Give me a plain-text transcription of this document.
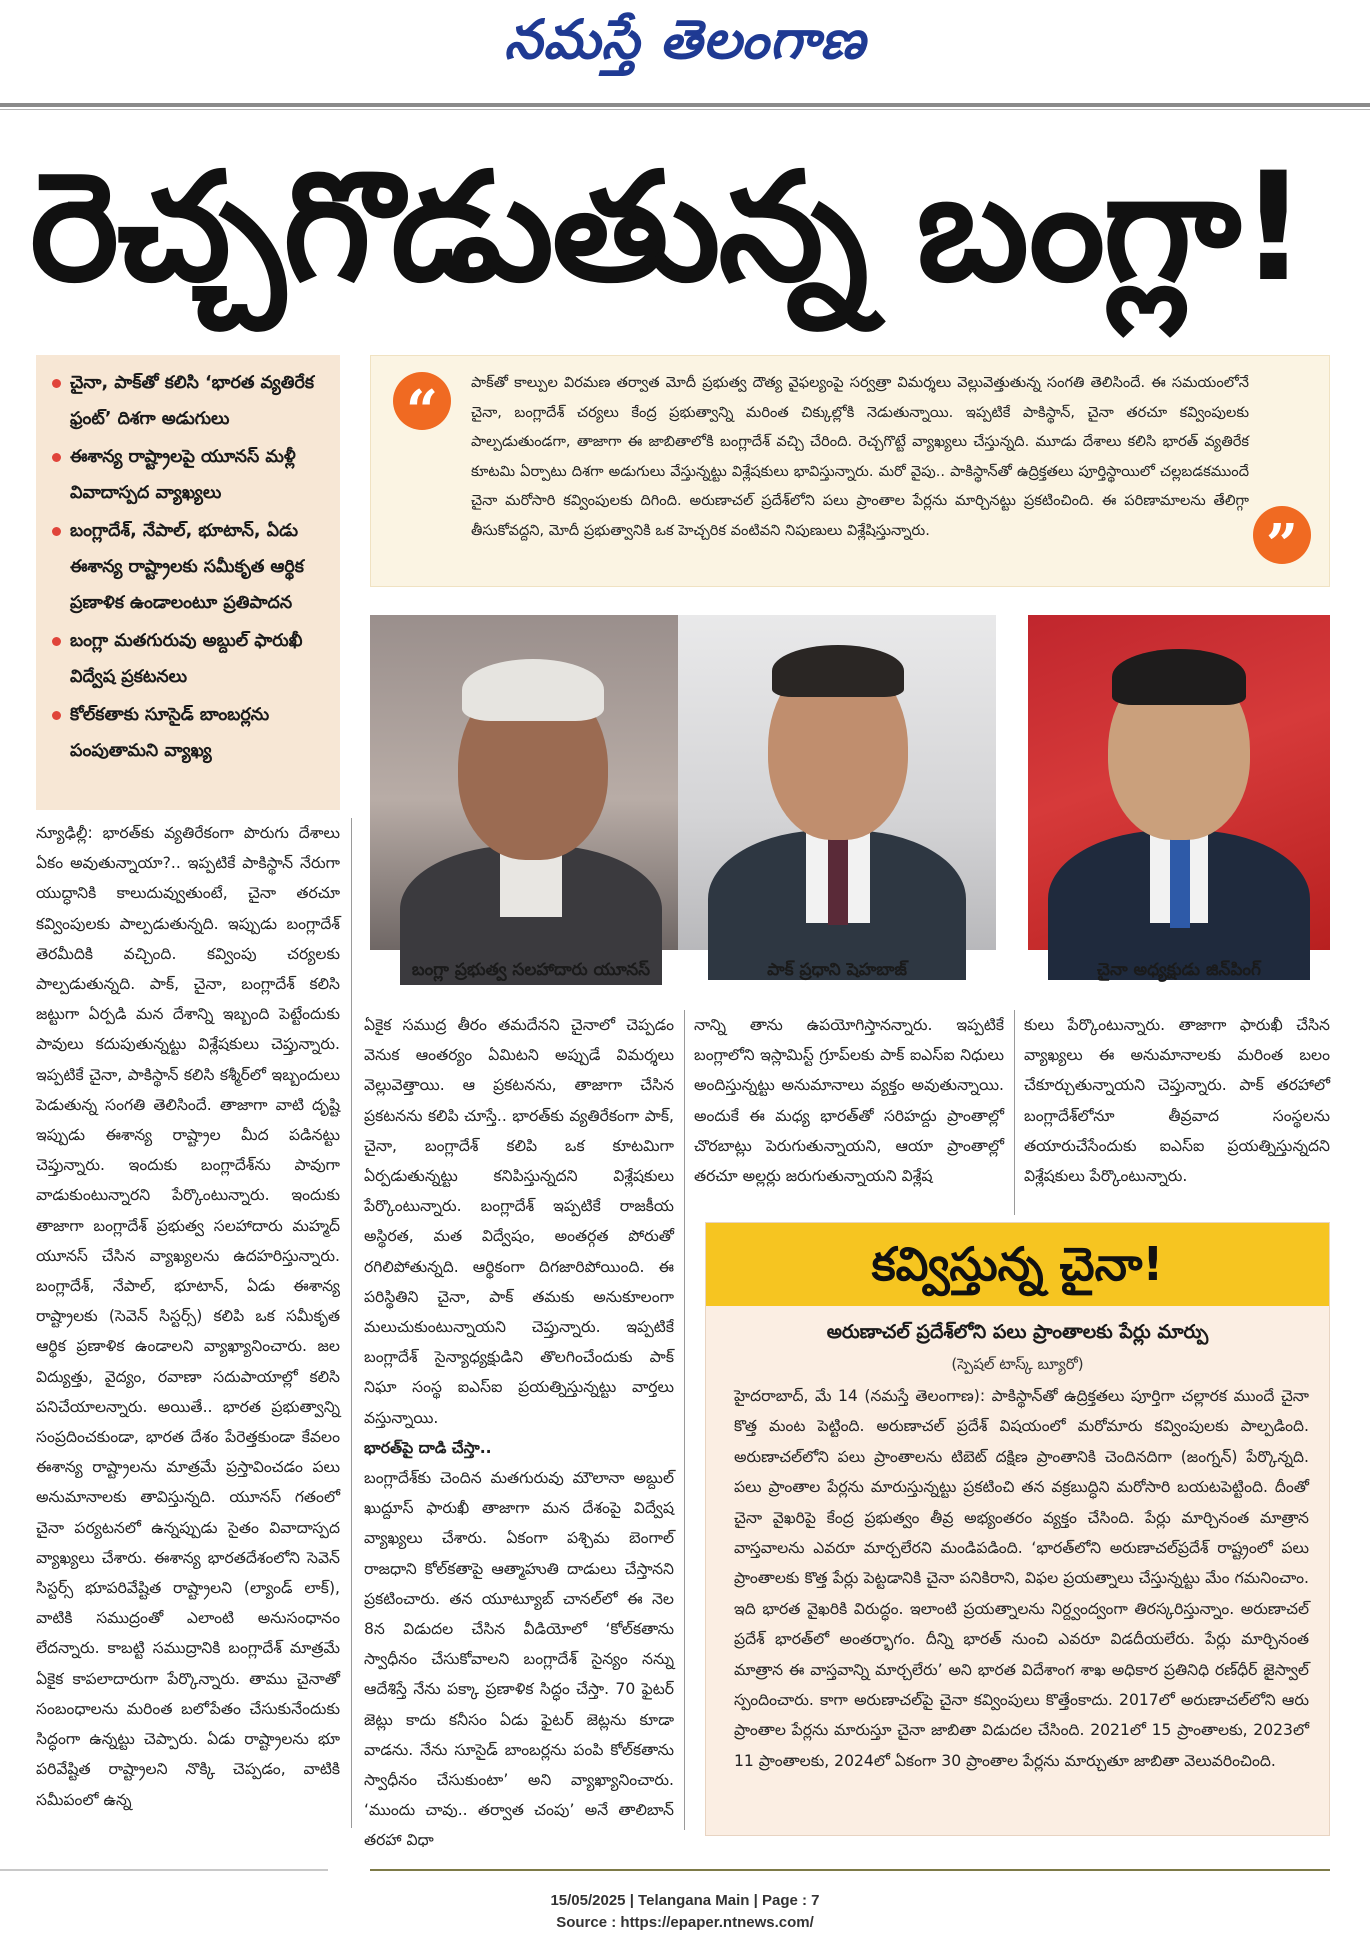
నమస్తే తెలంగాణ
రెచ్చగొడుతున్న బంగ్లా!
చైనా, పాక్‌తో కలిసి ‘భారత వ్యతిరేక ఫ్రంట్’ దిశగా అడుగులు
ఈశాన్య రాష్ట్రాలపై యూనస్ మళ్లీ వివాదాస్పద వ్యాఖ్యలు
బంగ్లాదేశ్, నేపాల్, భూటాన్, ఏడు ఈశాన్య రాష్ట్రాలకు సమీకృత ఆర్థిక ప్రణాళిక ఉండాలంటూ ప్రతిపాదన
బంగ్లా మతగురువు అబ్దుల్ ఫారుఖీ విద్వేష ప్రకటనలు
కోల్‌కతాకు సూసైడ్ బాంబర్లను పంపుతామని వ్యాఖ్య
“	పాక్‌తో కాల్పుల విరమణ తర్వాత మోదీ ప్రభుత్వ దౌత్య వైఫల్యంపై సర్వత్రా విమర్శలు వెల్లువెత్తుతున్న సంగతి తెలిసిందే. ఈ సమయంలోనే చైనా, బంగ్లాదేశ్ చర్యలు కేంద్ర ప్రభుత్వాన్ని మరింత చిక్కుల్లోకి నెడుతున్నాయి. ఇప్పటికే పాకిస్థాన్, చైనా తరచూ కవ్వింపులకు పాల్పడుతుండగా, తాజాగా ఈ జాబితాలోకి బంగ్లాదేశ్ వచ్చి చేరింది. రెచ్చగొట్టే వ్యాఖ్యలు చేస్తున్నది. మూడు దేశాలు కలిసి భారత్ వ్యతిరేక కూటమి ఏర్పాటు దిశగా అడుగులు వేస్తున్నట్టు విశ్లేషకులు భావిస్తున్నారు. మరో వైపు.. పాకిస్థాన్‌తో ఉద్రిక్తతలు పూర్తిస్థాయిలో చల్లబడకముందే చైనా మరోసారి కవ్వింపులకు దిగింది. అరుణాచల్ ప్రదేశ్‌లోని పలు ప్రాంతాల పేర్లను మార్చినట్టు ప్రకటించింది. ఈ పరిణామాలను తేలిగ్గా తీసుకోవద్దని, మోదీ ప్రభుత్వానికి ఒక హెచ్చరిక వంటివని నిపుణులు విశ్లేషిస్తున్నారు.	”
బంగ్లా ప్రభుత్వ సలహాదారు యూనస్	పాక్ ప్రధాని షెహబాజ్	చైనా అధ్యక్షుడు జిన్‌పింగ్

న్యూఢిల్లీ: భారత్‌కు వ్యతిరేకంగా పొరుగు దేశాలు ఏకం అవుతున్నాయా?.. ఇప్పటికే పాకిస్థాన్ నేరుగా యుద్ధానికి కాలుదువ్వుతుంటే, చైనా తరచూ కవ్వింపులకు పాల్పడుతున్నది. ఇప్పుడు బంగ్లాదేశ్ తెరమీదికి వచ్చింది. కవ్వింపు చర్యలకు పాల్పడుతున్నది. పాక్, చైనా, బంగ్లాదేశ్ కలిసి జట్టుగా ఏర్పడి మన దేశాన్ని ఇబ్బంది పెట్టేందుకు పావులు కదుపుతున్నట్టు విశ్లేషకులు చెప్తున్నారు. ఇప్పటికే చైనా, పాకిస్థాన్ కలిసి కశ్మీర్‌లో ఇబ్బందులు పెడుతున్న సంగతి తెలిసిందే. తాజాగా వాటి దృష్టి ఇప్పుడు ఈశాన్య రాష్ట్రాల మీద పడినట్టు చెప్తున్నారు. ఇందుకు బంగ్లాదేశ్‌ను పావుగా వాడుకుంటున్నారని పేర్కొంటున్నారు. ఇందుకు తాజాగా బంగ్లాదేశ్ ప్రభుత్వ సలహాదారు మహ్మద్ యూనస్ చేసిన వ్యాఖ్యలను ఉదహరిస్తున్నారు. బంగ్లాదేశ్, నేపాల్, భూటాన్, ఏడు ఈశాన్య రాష్ట్రాలకు (సెవెన్ సిస్టర్స్) కలిపి ఒక సమీకృత ఆర్థిక ప్రణాళిక ఉండాలని వ్యాఖ్యానించారు. జల విద్యుత్తు, వైద్యం, రవాణా సదుపాయాల్లో కలిసి పనిచేయాలన్నారు. అయితే.. భారత ప్రభుత్వాన్ని సంప్రదించకుండా, భారత దేశం పేరెత్తకుండా కేవలం ఈశాన్య రాష్ట్రాలను మాత్రమే ప్రస్తావించడం పలు అనుమానాలకు తావిస్తున్నది. యూనస్ గతంలో చైనా పర్యటనలో ఉన్నప్పుడు సైతం వివాదాస్పద వ్యాఖ్యలు చేశారు. ఈశాన్య భారతదేశంలోని సెవెన్ సిస్టర్స్ భూపరివేష్టిత రాష్ట్రాలని (ల్యాండ్ లాక్), వాటికి సముద్రంతో ఎలాంటి అనుసంధానం లేదన్నారు. కాబట్టి సముద్రానికి బంగ్లాదేశ్ మాత్రమే ఏకైక కాపలాదారుగా పేర్కొన్నారు. తాము చైనాతో సంబంధాలను మరింత బలోపేతం చేసుకునేందుకు సిద్ధంగా ఉన్నట్టు చెప్పారు. ఏడు రాష్ట్రాలను భూ పరివేష్టిత రాష్ట్రాలని నొక్కి చెప్పడం, వాటికి సమీపంలో ఉన్న

ఏకైక సముద్ర తీరం తమదేనని చైనాలో చెప్పడం వెనుక ఆంతర్యం ఏమిటని అప్పుడే విమర్శలు వెల్లువెత్తాయి. ఆ ప్రకటనను, తాజాగా చేసిన ప్రకటనను కలిపి చూస్తే.. భారత్‌కు వ్యతిరేకంగా పాక్, చైనా, బంగ్లాదేశ్ కలిపి ఒక కూటమిగా ఏర్పడుతున్నట్టు కనిపిస్తున్నదని విశ్లేషకులు పేర్కొంటున్నారు. బంగ్లాదేశ్ ఇప్పటికే రాజకీయ అస్థిరత, మత విద్వేషం, అంతర్గత పోరుతో రగిలిపోతున్నది. ఆర్థికంగా దిగజారిపోయింది. ఈ పరిస్థితిని చైనా, పాక్ తమకు అనుకూలంగా మలుచుకుంటున్నాయని చెప్తున్నారు. ఇప్పటికే బంగ్లాదేశ్ సైన్యాధ్యక్షుడిని తొలగించేందుకు పాక్ నిఘా సంస్థ ఐఎస్ఐ ప్రయత్నిస్తున్నట్టు వార్తలు వస్తున్నాయి.

భారత్‌పై దాడి చేస్తా..

బంగ్లాదేశ్‌కు చెందిన మతగురువు మౌలానా అబ్దుల్ ఖుద్దూస్ ఫారుఖీ తాజాగా మన దేశంపై విద్వేష వ్యాఖ్యలు చేశారు. ఏకంగా పశ్చిమ బెంగాల్ రాజధాని కోల్‌కతాపై ఆత్మాహుతి దాడులు చేస్తానని ప్రకటించారు. తన యూట్యూబ్ చానల్‌లో ఈ నెల 8న విడుదల చేసిన వీడియోలో ‘కోల్‌కతాను స్వాధీనం చేసుకోవాలని బంగ్లాదేశ్ సైన్యం నన్ను ఆదేశిస్తే నేను పక్కా ప్రణాళిక సిద్ధం చేస్తా. 70 ఫైటర్ జెట్లు కాదు కనీసం ఏడు ఫైటర్ జెట్లను కూడా వాడను. నేను సూసైడ్ బాంబర్లను పంపి కోల్‌కతాను స్వాధీనం చేసుకుంటా’ అని వ్యాఖ్యానించారు. ‘ముందు చావు.. తర్వాత చంపు’ అనే తాలిబాన్ తరహా విధా

నాన్ని తాను ఉపయోగిస్తానన్నారు. ఇప్పటికే బంగ్లాలోని ఇస్లామిస్ట్ గ్రూప్‌లకు పాక్ ఐఎస్ఐ నిధులు అందిస్తున్నట్టు అనుమానాలు వ్యక్తం అవుతున్నాయి. అందుకే ఈ మధ్య భారత్‌తో సరిహద్దు ప్రాంతాల్లో చొరబాట్లు పెరుగుతున్నాయని, ఆయా ప్రాంతాల్లో తరచూ అల్లర్లు జరుగుతున్నాయని విశ్లేష

కులు పేర్కొంటున్నారు. తాజాగా ఫారుఖీ చేసిన వ్యాఖ్యలు ఈ అనుమానాలకు మరింత బలం చేకూర్చుతున్నాయని చెప్తున్నారు. పాక్ తరహాలో బంగ్లాదేశ్‌లోనూ తీవ్రవాద సంస్థలను తయారుచేసేందుకు ఐఎస్ఐ ప్రయత్నిస్తున్నదని విశ్లేషకులు పేర్కొంటున్నారు.

కవ్విస్తున్న చైనా!
అరుణాచల్ ప్రదేశ్‌లోని పలు ప్రాంతాలకు పేర్లు మార్పు
(స్పెషల్ టాస్క్ బ్యూరో)

హైదరాబాద్, మే 14 (నమస్తే తెలంగాణ): పాకిస్థాన్‌తో ఉద్రిక్తతలు పూర్తిగా చల్లారక ముందే చైనా కొత్త మంట పెట్టింది. అరుణాచల్ ప్రదేశ్ విషయంలో మరోమారు కవ్వింపులకు పాల్పడింది. అరుణాచల్‌లోని పలు ప్రాంతాలను టిబెట్ దక్షిణ ప్రాంతానికి చెందినదిగా (జంగ్నన్) పేర్కొన్నది. పలు ప్రాంతాల పేర్లను మారుస్తున్నట్టు ప్రకటించి తన వక్రబుద్ధిని మరోసారి బయటపెట్టింది. దీంతో చైనా వైఖరిపై కేంద్ర ప్రభుత్వం తీవ్ర అభ్యంతరం వ్యక్తం చేసింది. పేర్లు మార్చినంత మాత్రాన వాస్తవాలను ఎవరూ మార్చలేరని మండిపడింది. ‘భారత్‌లోని అరుణాచల్‌ప్రదేశ్ రాష్ట్రంలో పలు ప్రాంతాలకు కొత్త పేర్లు పెట్టడానికి చైనా పనికిరాని, విఫల ప్రయత్నాలు చేస్తున్నట్టు మేం గమనించాం. ఇది భారత వైఖరికి విరుద్ధం. ఇలాంటి ప్రయత్నాలను నిర్ద్వంద్వంగా తిరస్కరిస్తున్నాం. అరుణాచల్ ప్రదేశ్ భారత్‌లో అంతర్భాగం. దీన్ని భారత్ నుంచి ఎవరూ విడదీయలేరు. పేర్లు మార్చినంత మాత్రాన ఈ వాస్తవాన్ని మార్చలేరు’ అని భారత విదేశాంగ శాఖ అధికార ప్రతినిధి రణ్‌ధీర్ జైస్వాల్ స్పందించారు. కాగా అరుణాచల్‌పై చైనా కవ్వింపులు కొత్తేంకాదు. 2017లో అరుణాచల్‌లోని ఆరు ప్రాంతాల పేర్లను మారుస్తూ చైనా జాబితా విడుదల చేసింది. 2021లో 15 ప్రాంతాలకు, 2023లో 11 ప్రాంతాలకు, 2024లో ఏకంగా 30 ప్రాంతాల పేర్లను మార్చుతూ జాబితా వెలువరించింది.

15/05/2025 | Telangana Main | Page : 7
Source : https://epaper.ntnews.com/
